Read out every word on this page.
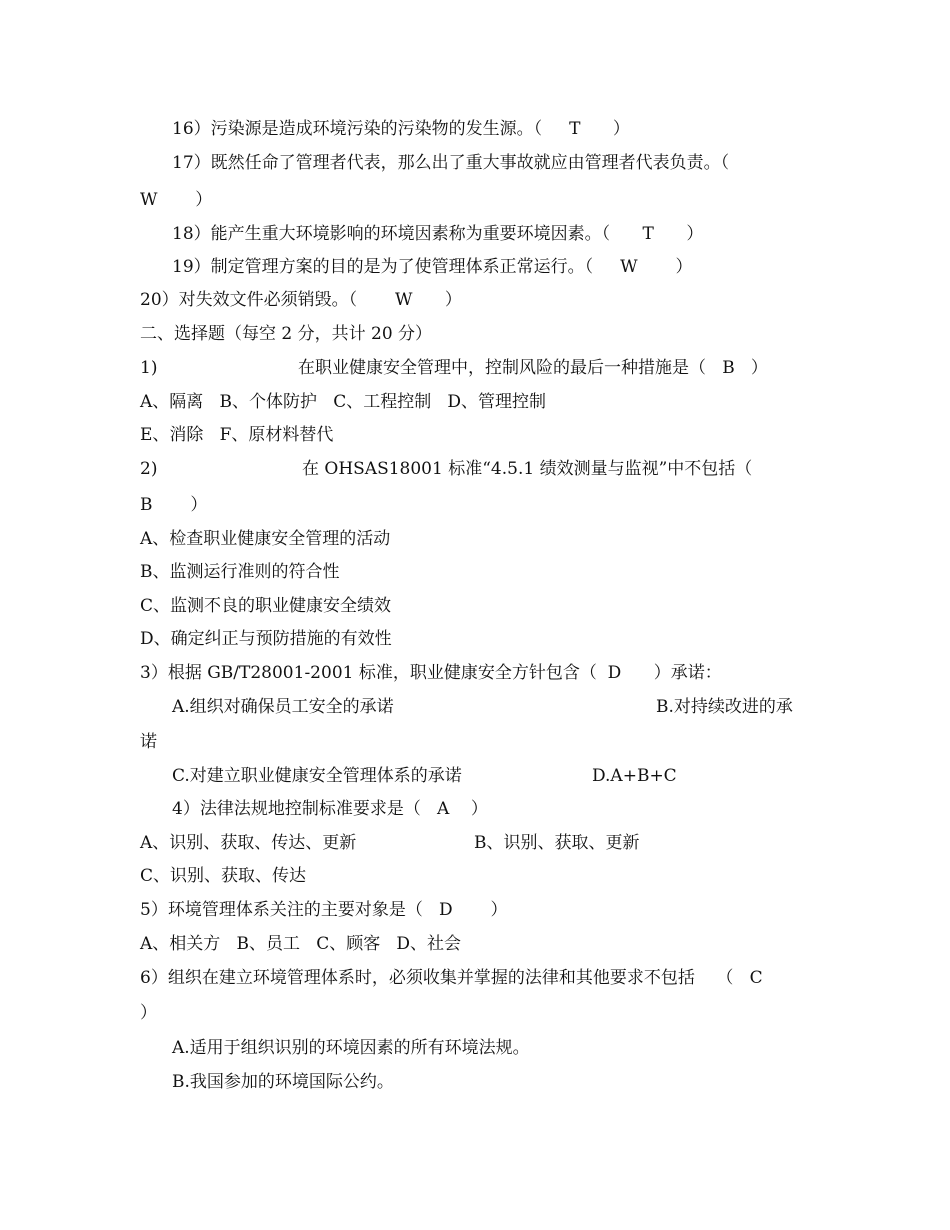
16）污染源是造成环境污染的污染物的发生源。（     T      ）
17）既然任命了管理者代表，那么出了重大事故就应由管理者代表负责。（
W       ）
18）能产生重大环境影响的环境因素称为重要环境因素。（      T      ）
19）制定管理方案的目的是为了使管理体系正常运行。（     W       ）
20）对失效文件必须销毁。（       W      ）
二、选择题（每空 2 分，共计 20 分）
1)	在职业健康安全管理中，控制风险的最后一种措施是（   B   ）
A、隔离   B、个体防护   C、工程控制   D、管理控制
E、消除   F、原材料替代
2)	在 OHSAS18001 标准“4.5.1 绩效测量与监视”中不包括（
B       ）
A、检查职业健康安全管理的活动
B、监测运行准则的符合性
C、监测不良的职业健康安全绩效
D、确定纠正与预防措施的有效性
3）根据 GB/T28001-2001 标准，职业健康安全方针包含（  D      ）承诺：
A.组织对确保员工安全的承诺	B.对持续改进的承
诺
C.对建立职业健康安全管理体系的承诺	D.A+B+C
4）法律法规地控制标准要求是（   A    ）
A、识别、获取、传达、更新	B、识别、获取、更新
C、识别、获取、传达
5）环境管理体系关注的主要对象是（   D       ）
A、相关方   B、员工   C、顾客   D、社会
6）组织在建立环境管理体系时，必须收集并掌握的法律和其他要求不包括    （   C
）
A.适用于组织识别的环境因素的所有环境法规。
B.我国参加的环境国际公约。
